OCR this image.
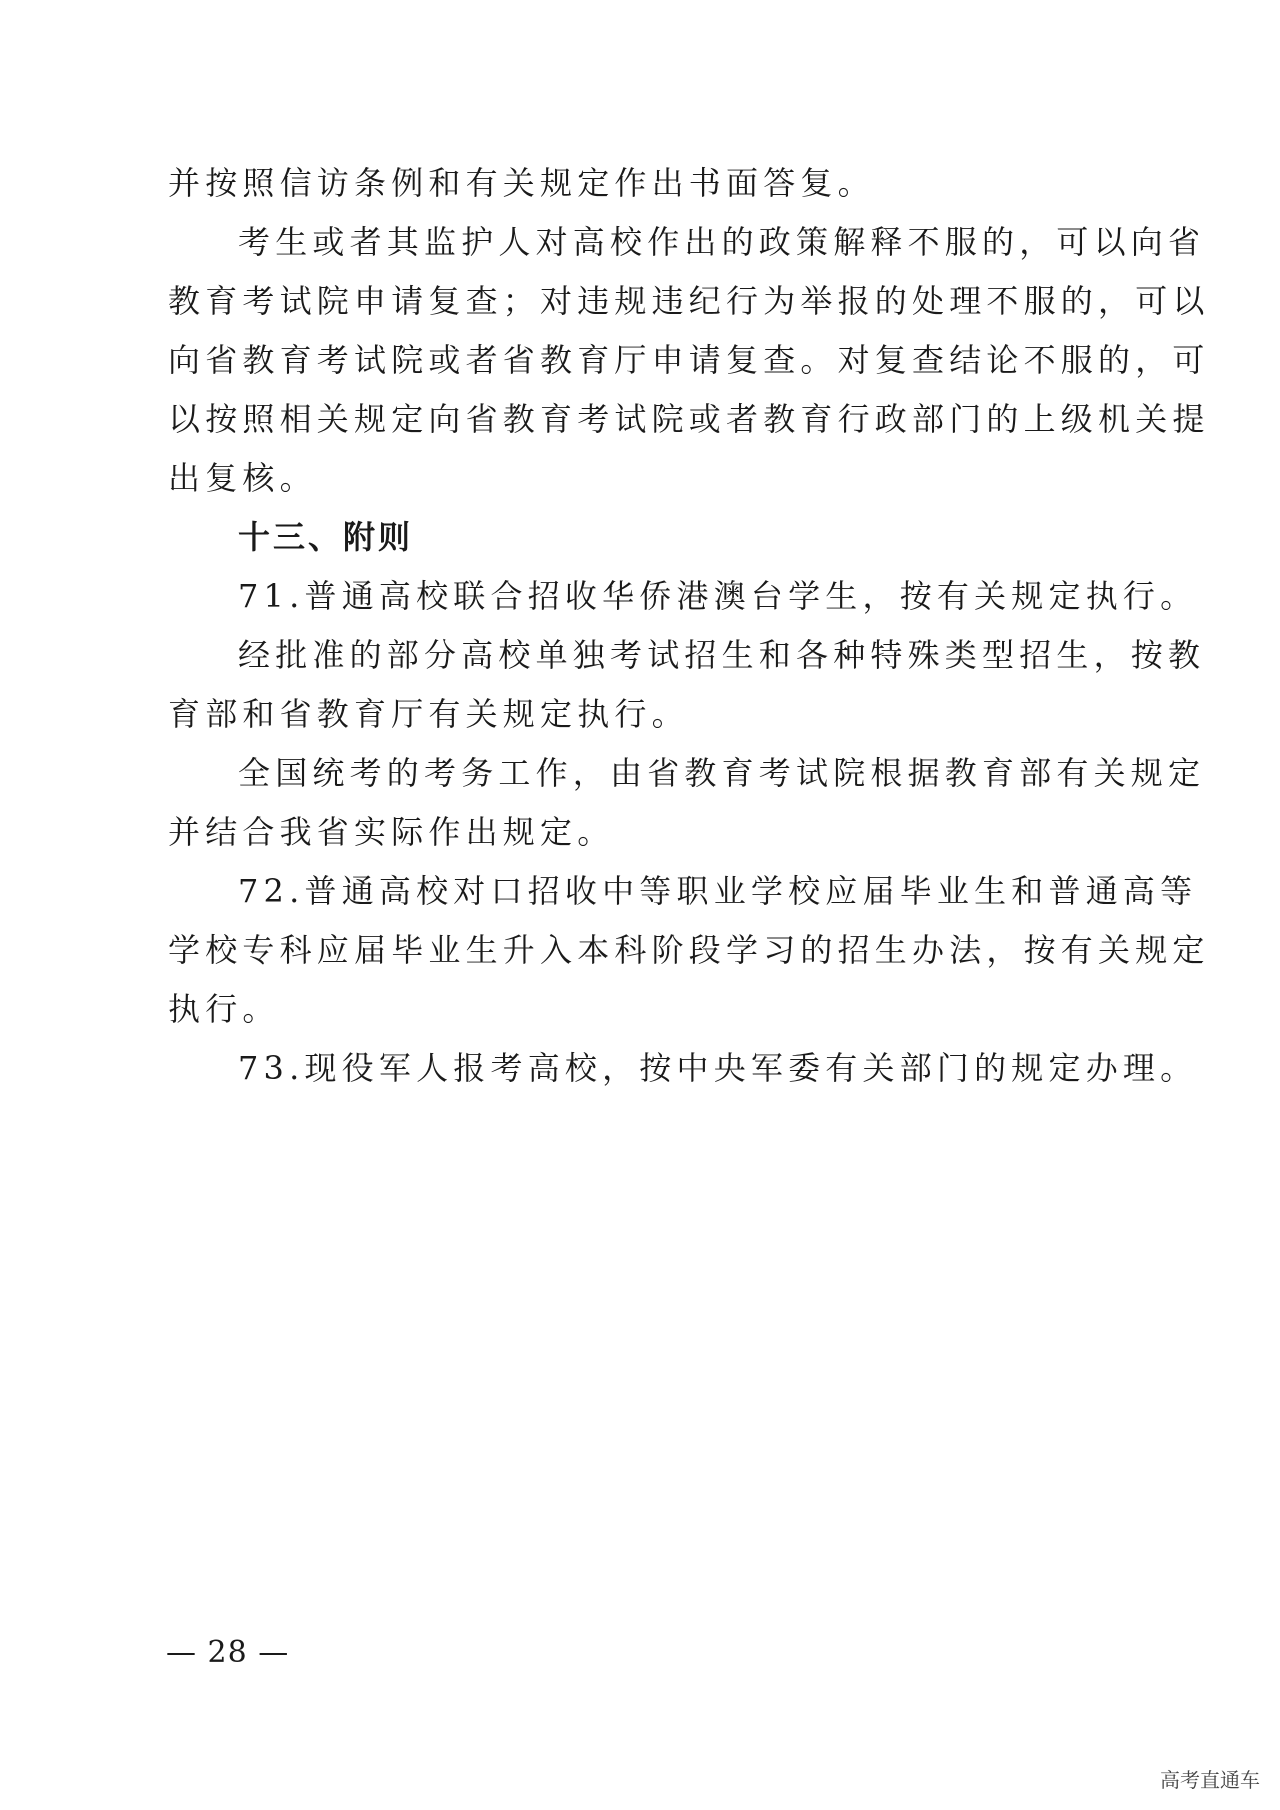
并按照信访条例和有关规定作出书面答复。
考生或者其监护人对高校作出的政策解释不服的，可以向省
教育考试院申请复查；对违规违纪行为举报的处理不服的，可以
向省教育考试院或者省教育厅申请复查。对复查结论不服的，可
以按照相关规定向省教育考试院或者教育行政部门的上级机关提
出复核。
十三、附则
71.普通高校联合招收华侨港澳台学生，按有关规定执行。
经批准的部分高校单独考试招生和各种特殊类型招生，按教
育部和省教育厅有关规定执行。
全国统考的考务工作，由省教育考试院根据教育部有关规定
并结合我省实际作出规定。
72.普通高校对口招收中等职业学校应届毕业生和普通高等
学校专科应届毕业生升入本科阶段学习的招生办法，按有关规定
执行。
73.现役军人报考高校，按中央军委有关部门的规定办理。
— 28 —
高考直通车
